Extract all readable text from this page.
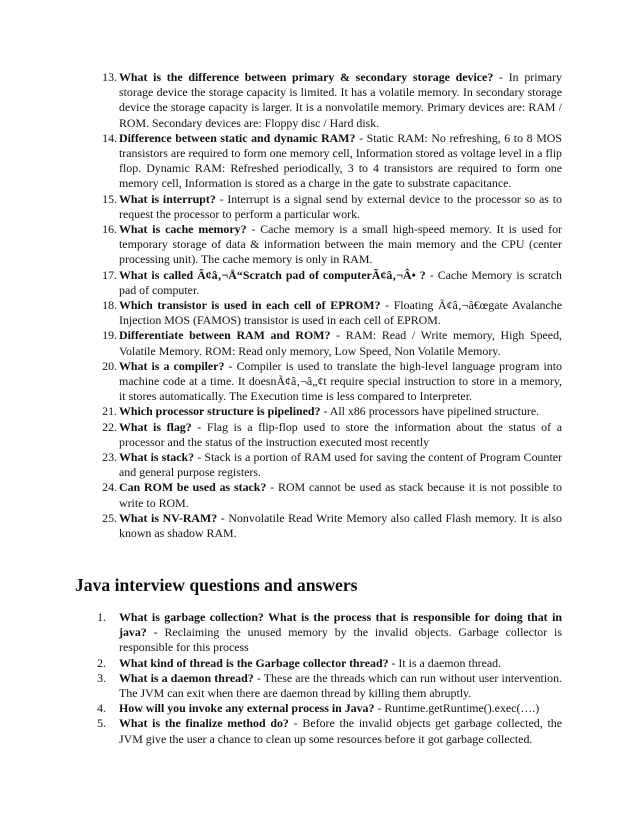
13. What is the difference between primary & secondary storage device? - In primary storage device the storage capacity is limited. It has a volatile memory. In secondary storage device the storage capacity is larger. It is a nonvolatile memory. Primary devices are: RAM / ROM. Secondary devices are: Floppy disc / Hard disk.

14. Difference between static and dynamic RAM? - Static RAM: No refreshing, 6 to 8 MOS transistors are required to form one memory cell, Information stored as voltage level in a flip flop. Dynamic RAM: Refreshed periodically, 3 to 4 transistors are required to form one memory cell, Information is stored as a charge in the gate to substrate capacitance.

15. What is interrupt? - Interrupt is a signal send by external device to the processor so as to request the processor to perform a particular work.

16. What is cache memory? - Cache memory is a small high-speed memory. It is used for temporary storage of data & information between the main memory and the CPU (center processing unit). The cache memory is only in RAM.

17. What is called Ã¢â‚¬Å“Scratch pad of computerÃ¢â‚¬Â• ? - Cache Memory is scratch pad of computer.

18. Which transistor is used in each cell of EPROM? - Floating Ã¢â‚¬â€œgate Avalanche Injection MOS (FAMOS) transistor is used in each cell of EPROM.

19. Differentiate between RAM and ROM? - RAM: Read / Write memory, High Speed, Volatile Memory. ROM: Read only memory, Low Speed, Non Volatile Memory.

20. What is a compiler? - Compiler is used to translate the high-level language program into machine code at a time. It doesnÃ¢â‚¬â„¢t require special instruction to store in a memory, it stores automatically. The Execution time is less compared to Interpreter.

21. Which processor structure is pipelined? - All x86 processors have pipelined structure.

22. What is flag? - Flag is a flip-flop used to store the information about the status of a processor and the status of the instruction executed most recently

23. What is stack? - Stack is a portion of RAM used for saving the content of Program Counter and general purpose registers.

24. Can ROM be used as stack? - ROM cannot be used as stack because it is not possible to write to ROM.

25. What is NV-RAM? - Nonvolatile Read Write Memory also called Flash memory. It is also known as shadow RAM.

Java interview questions and answers

1. What is garbage collection? What is the process that is responsible for doing that in java? - Reclaiming the unused memory by the invalid objects. Garbage collector is responsible for this process

2. What kind of thread is the Garbage collector thread? - It is a daemon thread.

3. What is a daemon thread? - These are the threads which can run without user intervention. The JVM can exit when there are daemon thread by killing them abruptly.

4. How will you invoke any external process in Java? - Runtime.getRuntime().exec(….)

5. What is the finalize method do? - Before the invalid objects get garbage collected, the JVM give the user a chance to clean up some resources before it got garbage collected.
